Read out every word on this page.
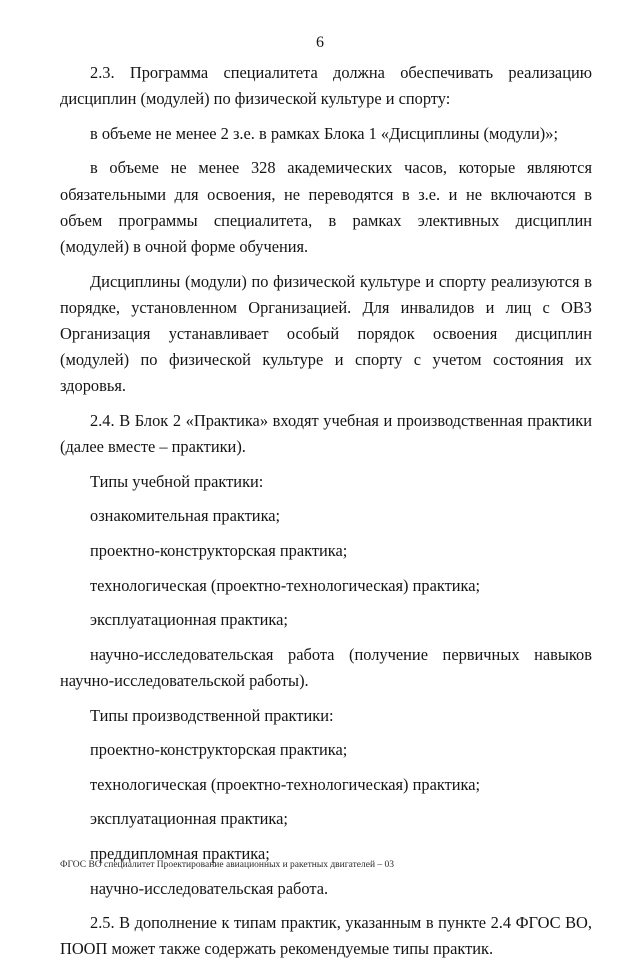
6

2.3. Программа специалитета должна обеспечивать реализацию дисциплин (модулей) по физической культуре и спорту:

в объеме не менее 2 з.е. в рамках Блока 1 «Дисциплины (модули)»;

в объеме не менее 328 академических часов, которые являются обязательными для освоения, не переводятся в з.е. и не включаются в объем программы специалитета, в рамках элективных дисциплин (модулей) в очной форме обучения.

Дисциплины (модули) по физической культуре и спорту реализуются в порядке, установленном Организацией. Для инвалидов и лиц с ОВЗ Организация устанавливает особый порядок освоения дисциплин (модулей) по физической культуре и спорту с учетом состояния их здоровья.

2.4. В Блок 2 «Практика» входят учебная и производственная практики (далее вместе – практики).

Типы учебной практики:

ознакомительная практика;

проектно-конструкторская практика;

технологическая (проектно-технологическая) практика;

эксплуатационная практика;

научно-исследовательская работа (получение первичных навыков научно-исследовательской работы).

Типы производственной практики:

проектно-конструкторская практика;

технологическая (проектно-технологическая) практика;

эксплуатационная практика;

преддипломная практика;

научно-исследовательская работа.

2.5. В дополнение к типам практик, указанным в пункте 2.4 ФГОС ВО, ПООП может также содержать рекомендуемые типы практик.

ФГОС ВО специалитет Проектирование авиационных и ракетных двигателей – 03
